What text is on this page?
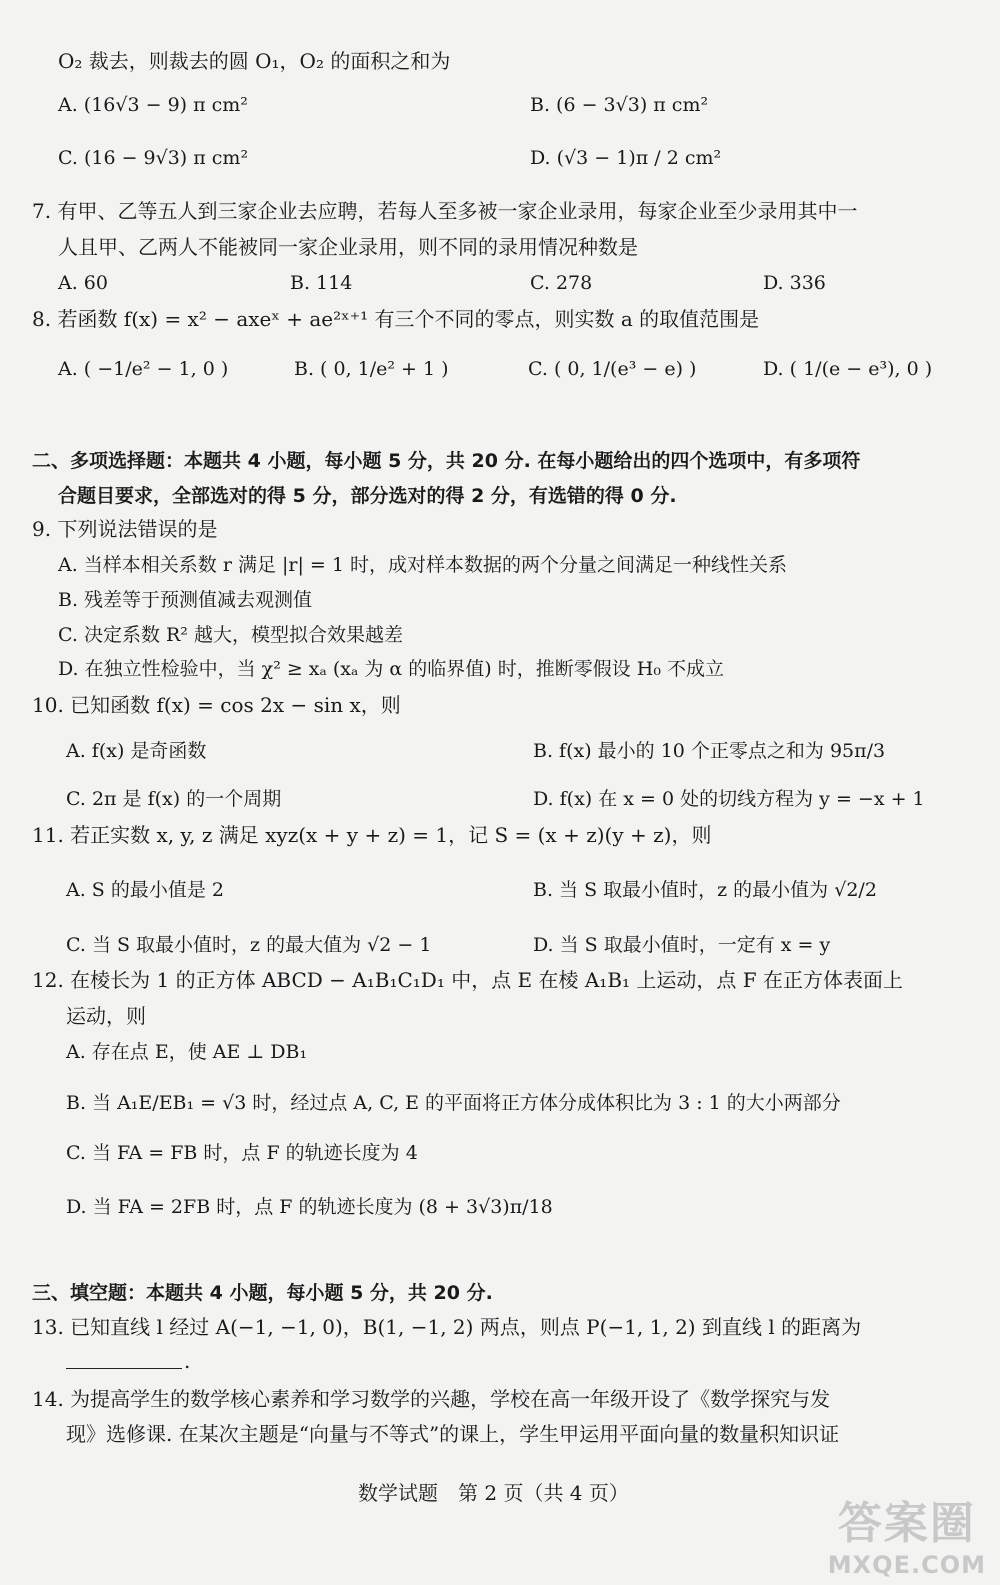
O₂ 裁去，则裁去的圆 O₁，O₂ 的面积之和为
A. (16√3 − 9) π cm²	B. (6 − 3√3) π cm²
C. (16 − 9√3) π cm²	D. (√3 − 1)π / 2 cm²
7. 有甲、乙等五人到三家企业去应聘，若每人至多被一家企业录用，每家企业至少录用其中一
人且甲、乙两人不能被同一家企业录用，则不同的录用情况种数是
A. 60	B. 114	C. 278	D. 336
8. 若函数 f(x) = x² − axeˣ + ae²ˣ⁺¹ 有三个不同的零点，则实数 a 的取值范围是
A. ( −1/e² − 1, 0 )	B. ( 0, 1/e² + 1 )	C. ( 0, 1/(e³ − e) )	D. ( 1/(e − e³), 0 )
二、多项选择题：本题共 4 小题，每小题 5 分，共 20 分. 在每小题给出的四个选项中，有多项符
合题目要求，全部选对的得 5 分，部分选对的得 2 分，有选错的得 0 分.
9. 下列说法错误的是
A. 当样本相关系数 r 满足 |r| = 1 时，成对样本数据的两个分量之间满足一种线性关系
B. 残差等于预测值减去观测值
C. 决定系数 R² 越大，模型拟合效果越差
D. 在独立性检验中，当 χ² ≥ xₐ (xₐ 为 α 的临界值) 时，推断零假设 H₀ 不成立
10. 已知函数 f(x) = cos 2x − sin x，则
A. f(x) 是奇函数	B. f(x) 最小的 10 个正零点之和为 95π/3
C. 2π 是 f(x) 的一个周期	D. f(x) 在 x = 0 处的切线方程为 y = −x + 1
11. 若正实数 x, y, z 满足 xyz(x + y + z) = 1，记 S = (x + z)(y + z)，则
A. S 的最小值是 2	B. 当 S 取最小值时，z 的最小值为 √2/2
C. 当 S 取最小值时，z 的最大值为 √2 − 1	D. 当 S 取最小值时，一定有 x = y
12. 在棱长为 1 的正方体 ABCD − A₁B₁C₁D₁ 中，点 E 在棱 A₁B₁ 上运动，点 F 在正方体表面上
运动，则
A. 存在点 E，使 AE ⊥ DB₁
B. 当 A₁E/EB₁ = √3 时，经过点 A, C, E 的平面将正方体分成体积比为 3 : 1 的大小两部分
C. 当 FA = FB 时，点 F 的轨迹长度为 4
D. 当 FA = 2FB 时，点 F 的轨迹长度为 (8 + 3√3)π/18
三、填空题：本题共 4 小题，每小题 5 分，共 20 分.
13. 已知直线 l 经过 A(−1, −1, 0)，B(1, −1, 2) 两点，则点 P(−1, 1, 2) 到直线 l 的距离为
.
14. 为提高学生的数学核心素养和学习数学的兴趣，学校在高一年级开设了《数学探究与发
现》选修课. 在某次主题是“向量与不等式”的课上，学生甲运用平面向量的数量积知识证
数学试题　第 2 页（共 4 页）
答案圈
MXQE.COM
